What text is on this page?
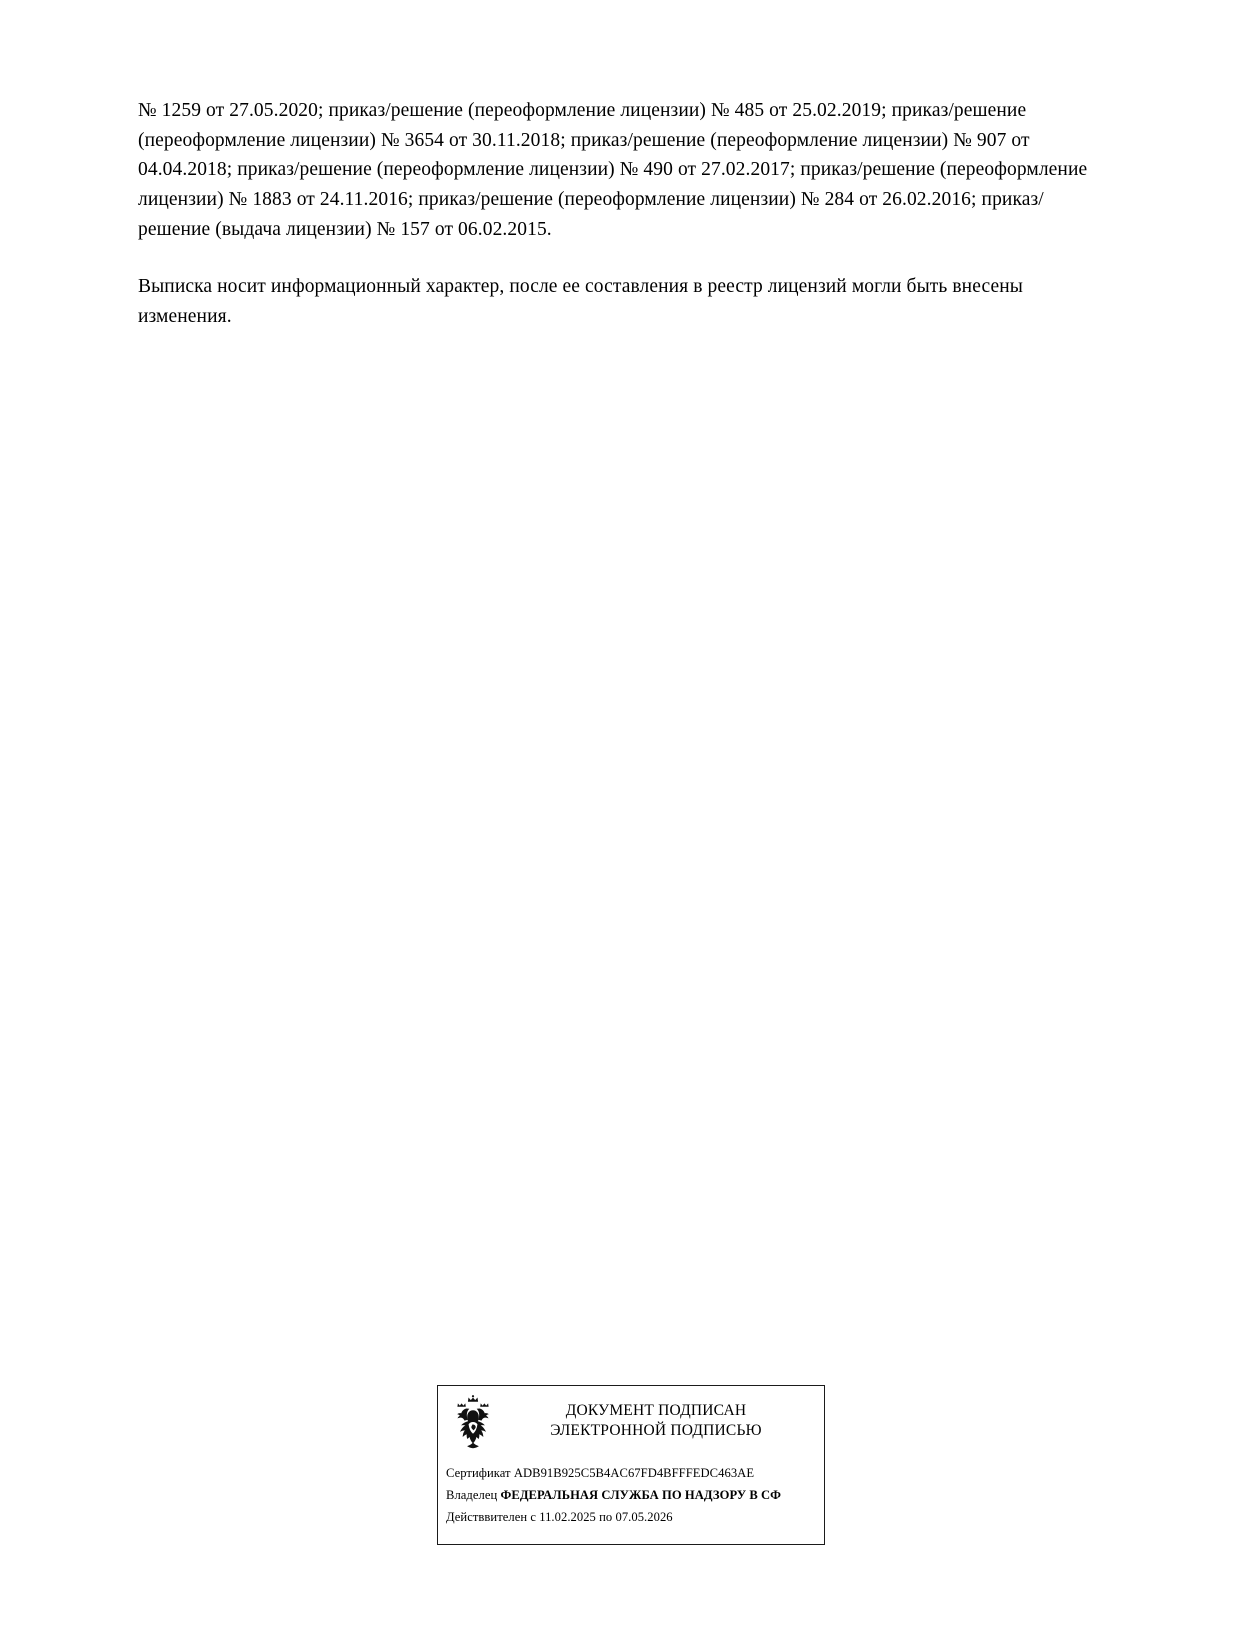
№ 1259 от 27.05.2020; приказ/решение (переоформление лицензии) № 485 от 25.02.2019; приказ/решение (переоформление лицензии) № 3654 от 30.11.2018; приказ/решение (переоформление лицензии) № 907 от 04.04.2018; приказ/решение (переоформление лицензии) № 490 от 27.02.2017; приказ/решение (переоформление лицензии) № 1883 от 24.11.2016; приказ/решение (переоформление лицензии) № 284 от 26.02.2016; приказ/решение (выдача лицензии) № 157 от 06.02.2015.

Выписка носит информационный характер, после ее составления в реестр лицензий могли быть внесены изменения.

ДОКУМЕНТ ПОДПИСАН
ЭЛЕКТРОННОЙ ПОДПИСЬЮ
Сертификат ADB91B925C5B4AC67FD4BFFFEDC463AE
Владелец ФЕДЕРАЛЬНАЯ СЛУЖБА ПО НАДЗОРУ В СФ
Действвителен с 11.02.2025 по 07.05.2026
